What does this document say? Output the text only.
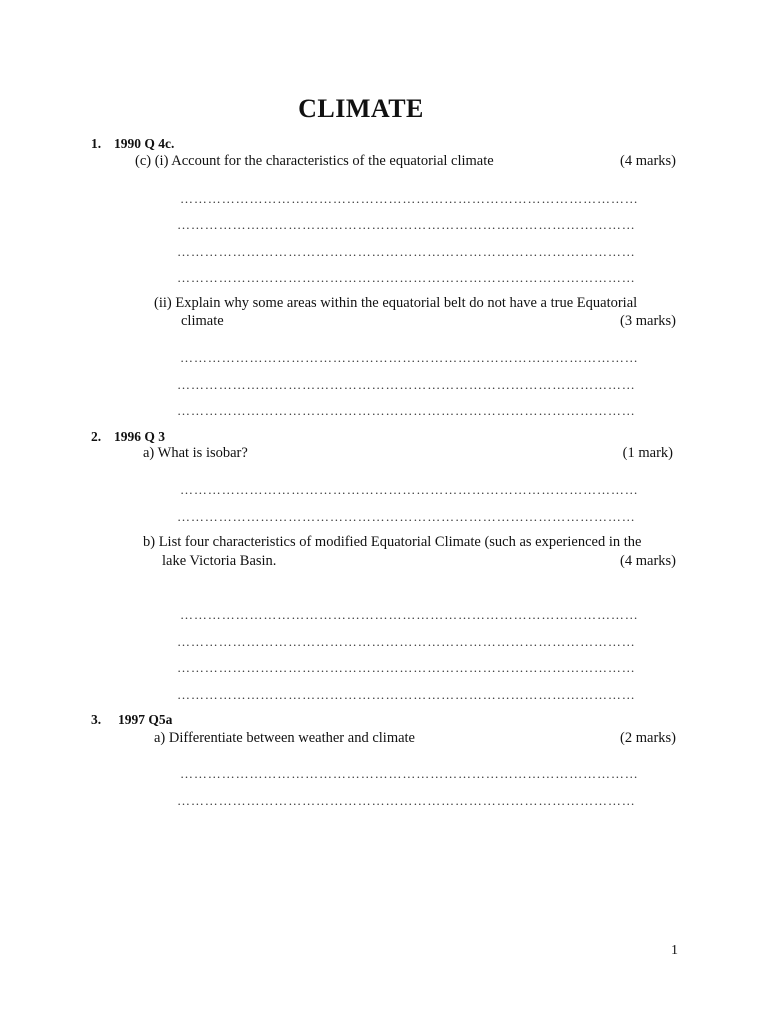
CLIMATE
1. 1990 Q 4c.
(c) (i) Account for the characteristics of the equatorial climate	(4 marks)
………………………………………………………………………………………
………………………………………………………………………………………
………………………………………………………………………………………
………………………………………………………………………………………
(ii) Explain why some areas within the equatorial belt do not have a true Equatorial
climate	(3 marks)
………………………………………………………………………………………
………………………………………………………………………………………
………………………………………………………………………………………
2. 1996 Q 3
a) What is isobar?	(1 mark)
………………………………………………………………………………………
………………………………………………………………………………………
b) List four characteristics of modified Equatorial Climate (such as experienced in the
lake Victoria Basin.	(4 marks)
………………………………………………………………………………………
………………………………………………………………………………………
………………………………………………………………………………………
………………………………………………………………………………………
3. 1997 Q5a
a) Differentiate between weather and climate	(2 marks)
………………………………………………………………………………………
………………………………………………………………………………………
1
